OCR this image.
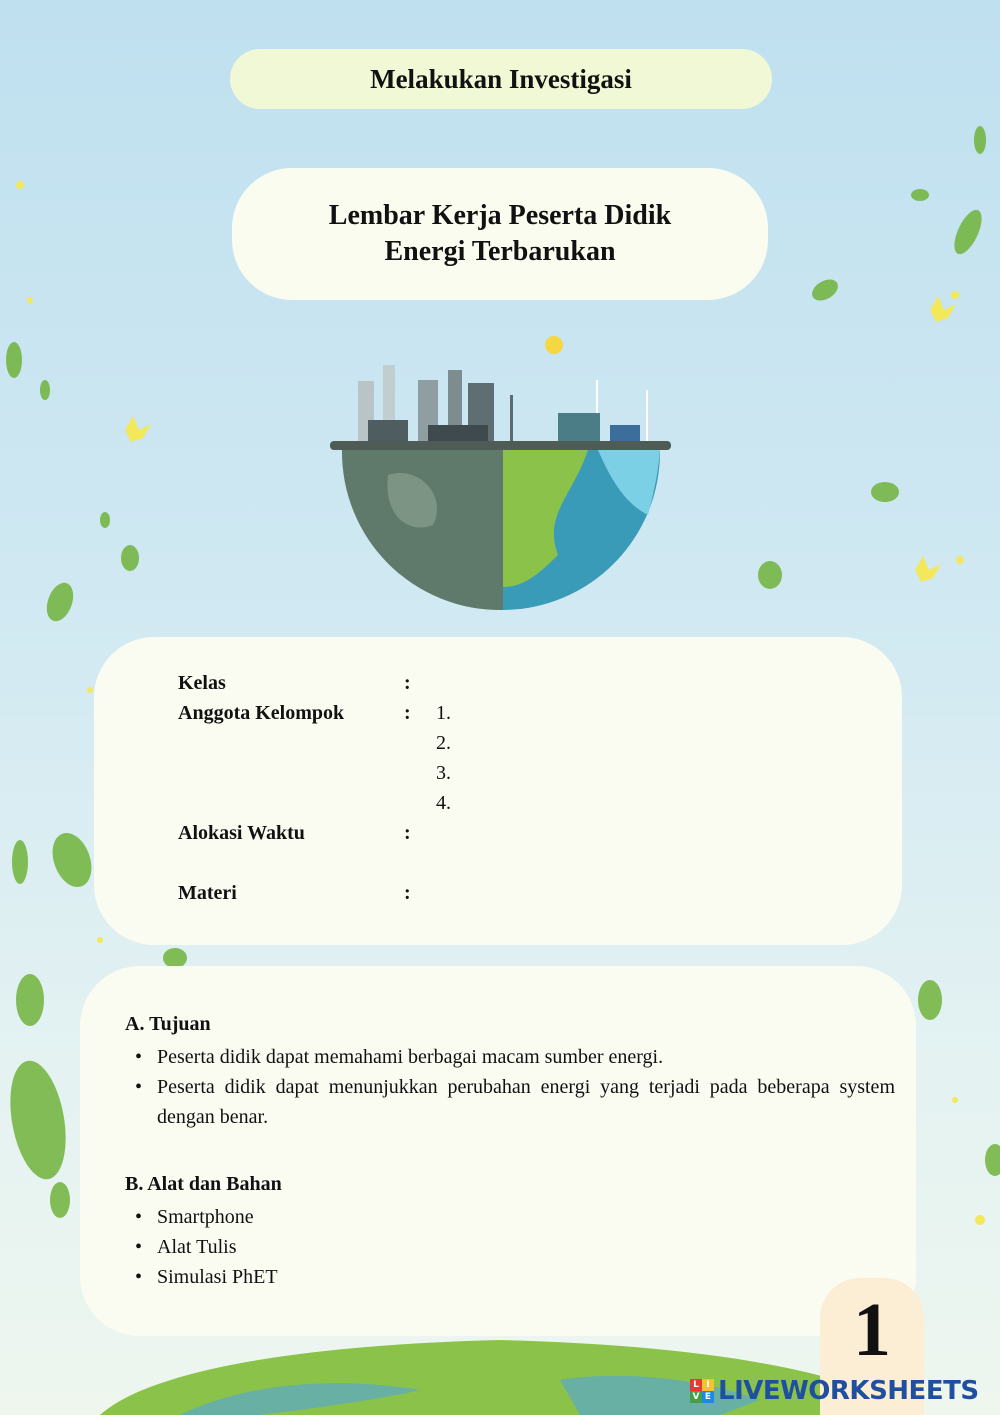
Melakukan Investigasi
Lembar Kerja Peserta Didik
Energi Terbarukan
Kelas	:
Anggota Kelompok	: 1.
2.
3.
4.
Alokasi Waktu	:
Materi	:
A. Tujuan
• Peserta didik dapat memahami berbagai macam sumber energi.
• Peserta didik dapat menunjukkan perubahan energi yang terjadi pada beberapa system dengan benar.
B. Alat dan Bahan
• Smartphone
• Alat Tulis
• Simulasi PhET
1
L I
V E LIVEWORKSHEETS
